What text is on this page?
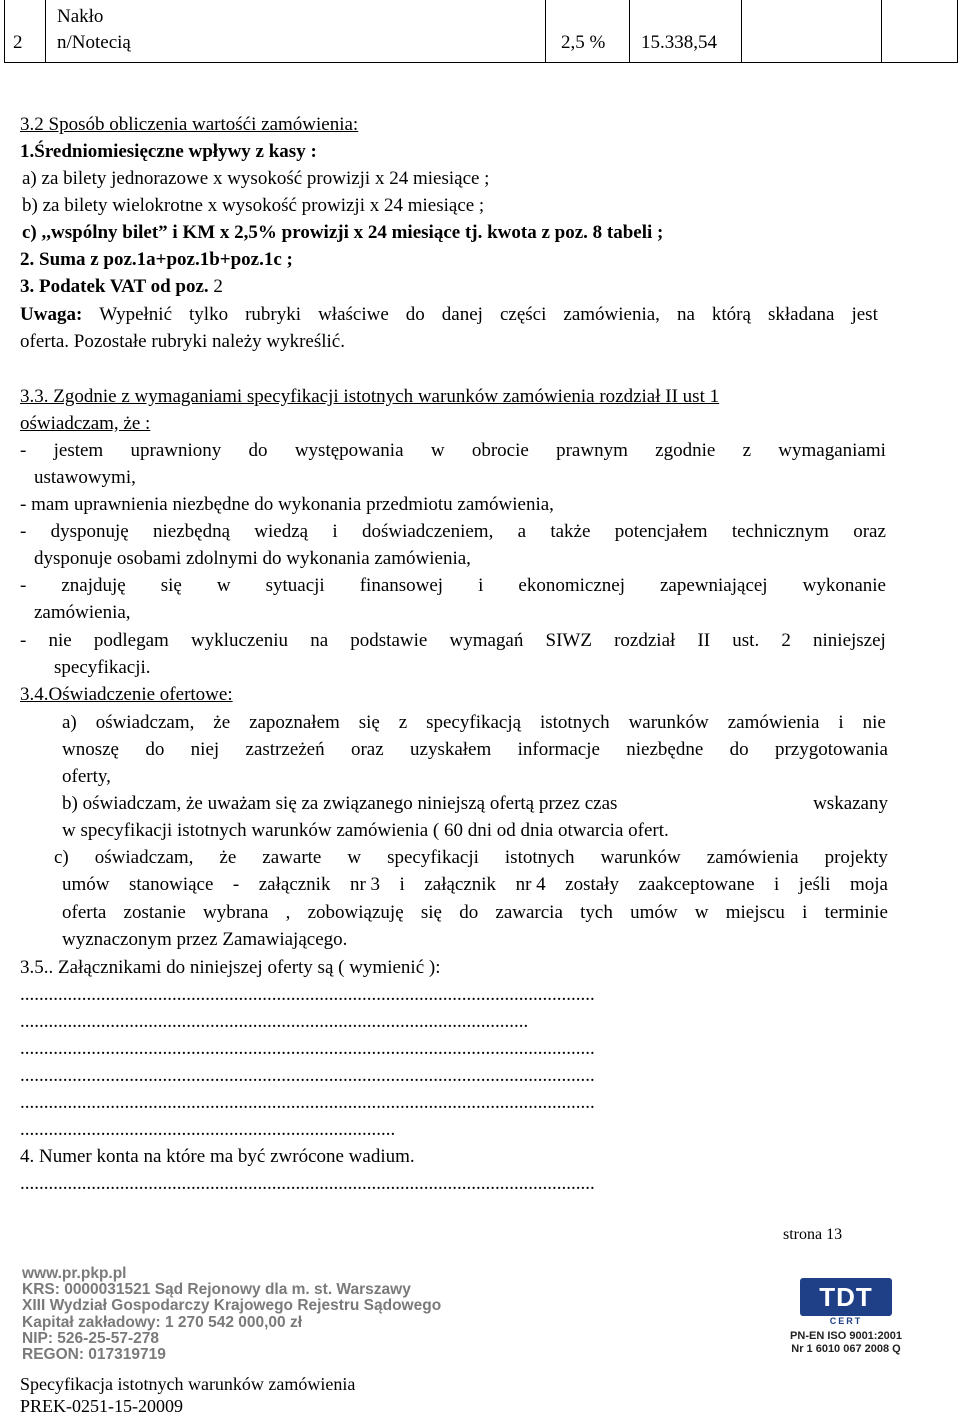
2
Nakło
n/Notecią	2,5 % 15.338,54
3.2 Sposób obliczenia wartośći zamówienia:
1.Średniomiesięczne wpływy z kasy :
a) za bilety jednorazowe x wysokość prowizji x 24 miesiące ;
b) za bilety wielokrotne x wysokość prowizji x 24 miesiące ;
c) ,,wspólny bilet” i KM x 2,5% prowizji x 24 miesiące tj. kwota z poz. 8 tabeli ;
2. Suma z poz.1a+poz.1b+poz.1c ;
3. Podatek VAT od poz. 2
Uwaga: Wypełnić tylko rubryki właściwe do danej części zamówienia, na którą składana jest
oferta. Pozostałe rubryki należy wykreślić.
3.3. Zgodnie z wymaganiami specyfikacji istotnych warunków zamówienia rozdział II ust 1
oświadczam, że :
- jestem uprawniony do występowania w obrocie prawnym zgodnie z wymaganiami
ustawowymi,
- mam uprawnienia niezbędne do wykonania przedmiotu zamówienia,
- dysponuję niezbędną wiedzą i doświadczeniem, a także potencjałem technicznym oraz
dysponuje osobami zdolnymi do wykonania zamówienia,
- znajduję się w sytuacji finansowej i ekonomicznej zapewniającej wykonanie
zamówienia,
- nie podlegam wykluczeniu na podstawie wymagań SIWZ rozdział II ust. 2 niniejszej
specyfikacji.
3.4.Oświadczenie ofertowe:
a) oświadczam, że zapoznałem się z specyfikacją istotnych warunków zamówienia i nie
wnoszę do niej zastrzeżeń oraz uzyskałem informacje niezbędne do przygotowania
oferty,
b) oświadczam, że uważam się za związanego niniejszą ofertą przez czas	wskazany
w specyfikacji istotnych warunków zamówienia ( 60 dni od dnia otwarcia ofert.
c) oświadczam, że zawarte w specyfikacji istotnych warunków zamówienia projekty
umów stanowiące - załącznik nr 3 i załącznik nr 4 zostały zaakceptowane i jeśli moja
oferta zostanie wybrana , zobowiązuję się do zawarcia tych umów w miejscu i terminie
wyznaczonym przez Zamawiającego.
3.5.. Załącznikami do niniejszej oferty są ( wymienić ):
.........................................................................................................................
...........................................................................................................
.........................................................................................................................
.........................................................................................................................
.........................................................................................................................
...............................................................................
4. Numer konta na które ma być zwrócone wadium.
.........................................................................................................................
strona 13
www.pr.pkp.pl
KRS: 0000031521 Sąd Rejonowy dla m. st. Warszawy
XIII Wydział Gospodarczy Krajowego Rejestru Sądowego
Kapitał zakładowy: 1 270 542 000,00 zł
NIP: 526-25-57-278
REGON: 017319719
TDT
CERT
PN-EN ISO 9001:2001
Nr 1 6010 067 2008 Q
Specyfikacja istotnych warunków zamówienia
PREK-0251-15-20009
